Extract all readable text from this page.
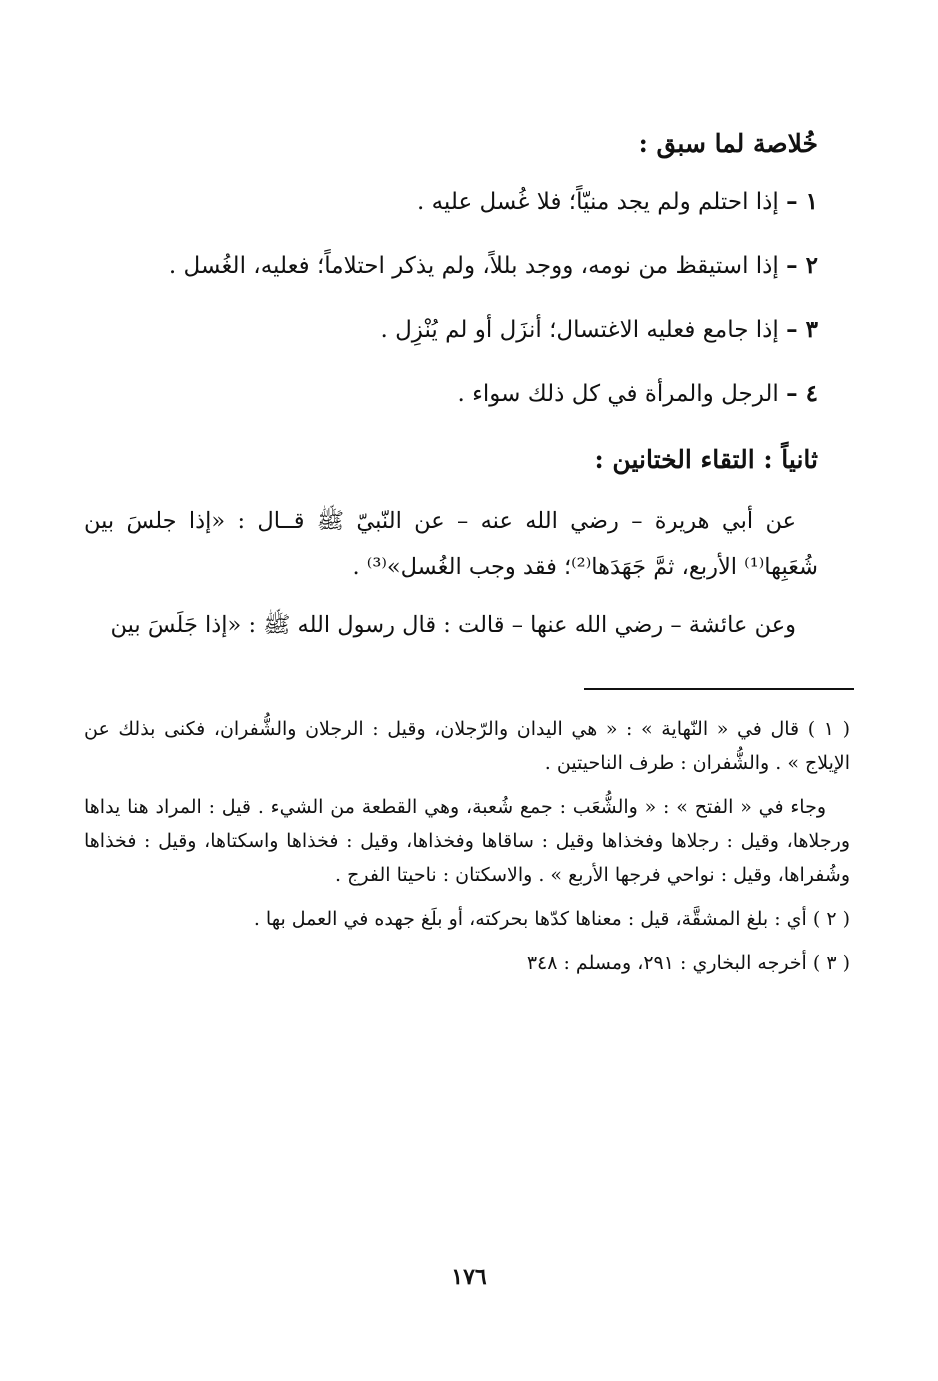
خُلاصة لما سبق :
١ – إذا احتلم ولم يجد منيّاً؛ فلا غُسل عليه .
٢ – إذا استيقظ من نومه، ووجد بللاً، ولم يذكر احتلاماً؛ فعليه، الغُسل .
٣ – إذا جامع فعليه الاغتسال؛ أنزَل أو لم يُنْزِل .
٤ – الرجل والمرأة في كل ذلك سواء .
ثانياً : التقاء الختانين :

عن أبي هريرة – رضي الله عنه – عن النّبيّ ﷺ قــال : «إذا جلسَ بين شُعَبِها⁽¹⁾ الأربع، ثمَّ جَهَدَها⁽²⁾؛ فقد وجب الغُسل»⁽³⁾ .

وعن عائشة – رضي الله عنها – قالت : قال رسول الله ﷺ : «إذا جَلَسَ بين

( ١ ) قال في « النّهاية » : « هي اليدان والرّجلان، وقيل : الرجلان والشُّفران، فكنى بذلك عن الإيلاج » . والشُّفران : طرف الناحيتين .

وجاء في « الفتح » : « والشُّعَب : جمع شُعبة، وهي القطعة من الشيء . قيل : المراد هنا يداها ورجلاها، وقيل : رجلاها وفخذاها وقيل : ساقاها وفخذاها، وقيل : فخذاها واسكتاها، وقيل : فخذاها وشُفراها، وقيل : نواحي فرجها الأربع » . والاسكتان : ناحيتا الفرج .

( ٢ ) أي : بلغ المشقَّة، قيل : معناها كدّها بحركته، أو بلَغ جهده في العمل بها .

( ٣ ) أخرجه البخاري : ٢٩١، ومسلم : ٣٤٨

١٧٦
